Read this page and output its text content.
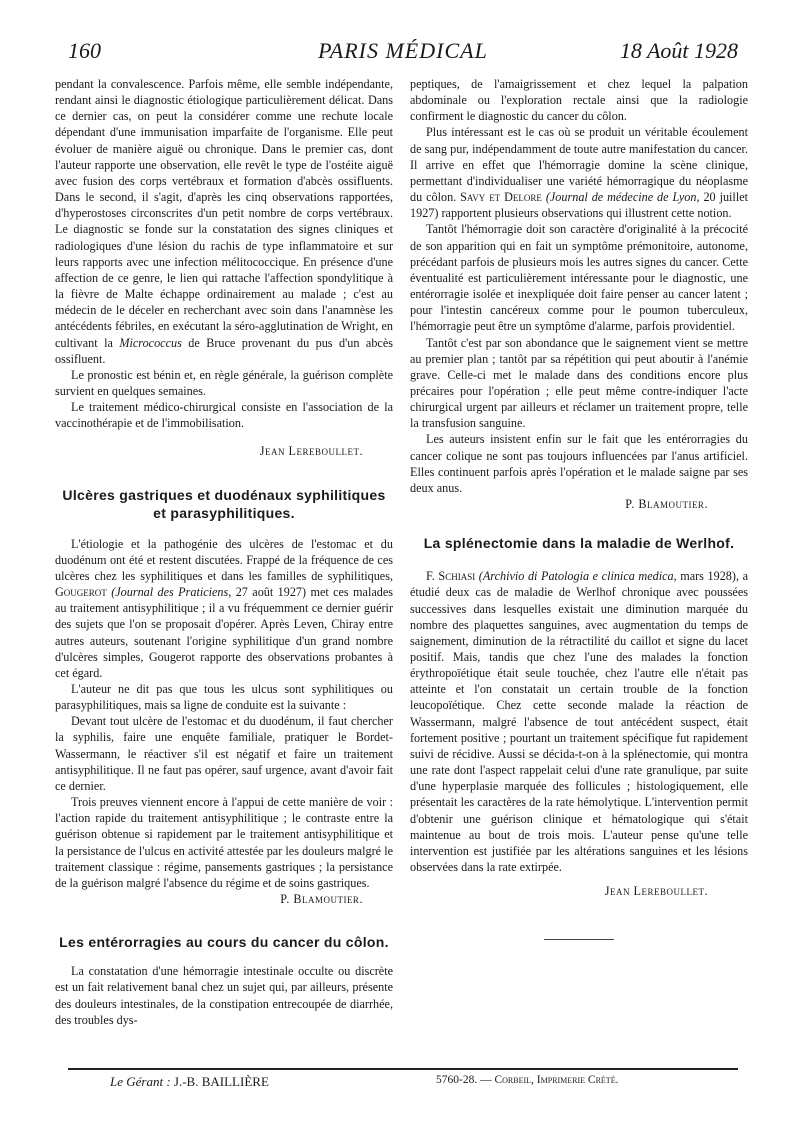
160	PARIS MÉDICAL	18 Août 1928

pendant la convalescence. Parfois même, elle semble indépendante, rendant ainsi le diagnostic étiologique particulièrement délicat. Dans ce dernier cas, on peut la considérer comme une rechute locale dépendant d'une immunisation imparfaite de l'organisme. Elle peut évoluer de manière aiguë ou chronique. Dans le premier cas, dont l'auteur rapporte une observation, elle revêt le type de l'ostéite aiguë avec fusion des corps vertébraux et formation d'abcès ossifluents. Dans le second, il s'agit, d'après les cinq observations rapportées, d'hyperostoses circonscrites d'un petit nombre de corps vertébraux. Le diagnostic se fonde sur la constatation des signes cliniques et radiologiques d'une lésion du rachis de type inflammatoire et sur leurs rapports avec une infection mélitococcique. En présence d'une affection de ce genre, le lien qui rattache l'affection spondylitique à la fièvre de Malte échappe ordinairement au malade ; c'est au médecin de le déceler en recherchant avec soin dans l'anamnèse les antécédents fébriles, en exécutant la séro-agglutination de Wright, en cultivant la Micrococcus de Bruce provenant du pus d'un abcès ossifluent.

Le pronostic est bénin et, en règle générale, la guérison complète survient en quelques semaines.

Le traitement médico-chirurgical consiste en l'association de la vaccinothérapie et de l'immobilisation.

Jean Lereboullet.

Ulcères gastriques et duodénaux syphilitiques et parasyphilitiques.

L'étiologie et la pathogénie des ulcères de l'estomac et du duodénum ont été et restent discutées. Frappé de la fréquence de ces ulcères chez les syphilitiques et dans les familles de syphilitiques, Gougerot (Journal des Praticiens, 27 août 1927) met ces malades au traitement antisyphilitique ; il a vu fréquemment ce dernier guérir des sujets que l'on se proposait d'opérer. Après Leven, Chiray entre autres auteurs, soutenant l'origine syphilitique d'un grand nombre d'ulcères simples, Gougerot rapporte des observations probantes à cet égard.

L'auteur ne dit pas que tous les ulcus sont syphilitiques ou parasyphilitiques, mais sa ligne de conduite est la suivante :

Devant tout ulcère de l'estomac et du duodénum, il faut chercher la syphilis, faire une enquête familiale, pratiquer le Bordet-Wassermann, le réactiver s'il est négatif et faire un traitement antisyphilitique. Il ne faut pas opérer, sauf urgence, avant d'avoir fait ce dernier.

Trois preuves viennent encore à l'appui de cette manière de voir : l'action rapide du traitement antisyphilitique ; le contraste entre la guérison obtenue si rapidement par le traitement antisyphilitique et la persistance de l'ulcus en activité attestée par les douleurs malgré le traitement classique : régime, pansements gastriques ; la persistance de la guérison malgré l'absence du régime et de soins gastriques.

P. Blamoutier.

Les entérorragies au cours du cancer du côlon.

La constatation d'une hémorragie intestinale occulte ou discrète est un fait relativement banal chez un sujet qui, par ailleurs, présente des douleurs intestinales, de la constipation entrecoupée de diarrhée, des troubles dys-

peptiques, de l'amaigrissement et chez lequel la palpation abdominale ou l'exploration rectale ainsi que la radiologie confirment le diagnostic du cancer du côlon.

Plus intéressant est le cas où se produit un véritable écoulement de sang pur, indépendamment de toute autre manifestation du cancer. Il arrive en effet que l'hémorragie domine la scène clinique, permettant d'individualiser une variété hémorragique du néoplasme du côlon. Savy et Delore (Journal de médecine de Lyon, 20 juillet 1927) rapportent plusieurs observations qui illustrent cette notion.

Tantôt l'hémorragie doit son caractère d'originalité à la précocité de son apparition qui en fait un symptôme prémonitoire, autonome, précédant parfois de plusieurs mois les autres signes du cancer. Cette éventualité est particulièrement intéressante pour le diagnostic, une entérorragie isolée et inexpliquée doit faire penser au cancer latent ; pour l'intestin cancéreux comme pour le poumon tuberculeux, l'hémorragie peut être un symptôme d'alarme, parfois providentiel.

Tantôt c'est par son abondance que le saignement vient se mettre au premier plan ; tantôt par sa répétition qui peut aboutir à l'anémie grave. Celle-ci met le malade dans des conditions encore plus précaires pour l'opération ; elle peut même contre-indiquer l'acte chirurgical urgent par ailleurs et réclamer un traitement propre, telle la transfusion sanguine.

Les auteurs insistent enfin sur le fait que les entérorragies du cancer colique ne sont pas toujours influencées par l'anus artificiel. Elles continuent parfois après l'opération et le malade saigne par ses deux anus.

P. Blamoutier.

La splénectomie dans la maladie de Werlhof.

F. Schiasi (Archivio di Patologia e clinica medica, mars 1928), a étudié deux cas de maladie de Werlhof chronique avec poussées successives dans lesquelles existait une diminution marquée du nombre des plaquettes sanguines, avec augmentation du temps de saignement, diminution de la rétractilité du caillot et signe du lacet positif. Mais, tandis que chez l'une des malades la fonction érythropoïétique était seule touchée, chez l'autre elle n'était pas atteinte et l'on constatait un certain trouble de la fonction leucopoïétique. Chez cette seconde malade la réaction de Wassermann, malgré l'absence de tout antécédent suspect, était fortement positive ; pourtant un traitement spécifique fut rapidement suivi de récidive. Aussi se décida-t-on à la splénectomie, qui montra une rate dont l'aspect rappelait celui d'une rate granulique, par suite d'une hyperplasie marquée des follicules ; histologiquement, elle présentait les caractères de la rate hémolytique. L'intervention permit d'obtenir une guérison clinique et hématologique qui s'était maintenue au bout de trois mois. L'auteur pense qu'une telle intervention est justifiée par les altérations sanguines et les lésions observées dans la rate extirpée.

Jean Lereboullet.

Le Gérant : J.-B. BAILLIÈRE	5760-28. — Corbeil, Imprimerie Crété.
